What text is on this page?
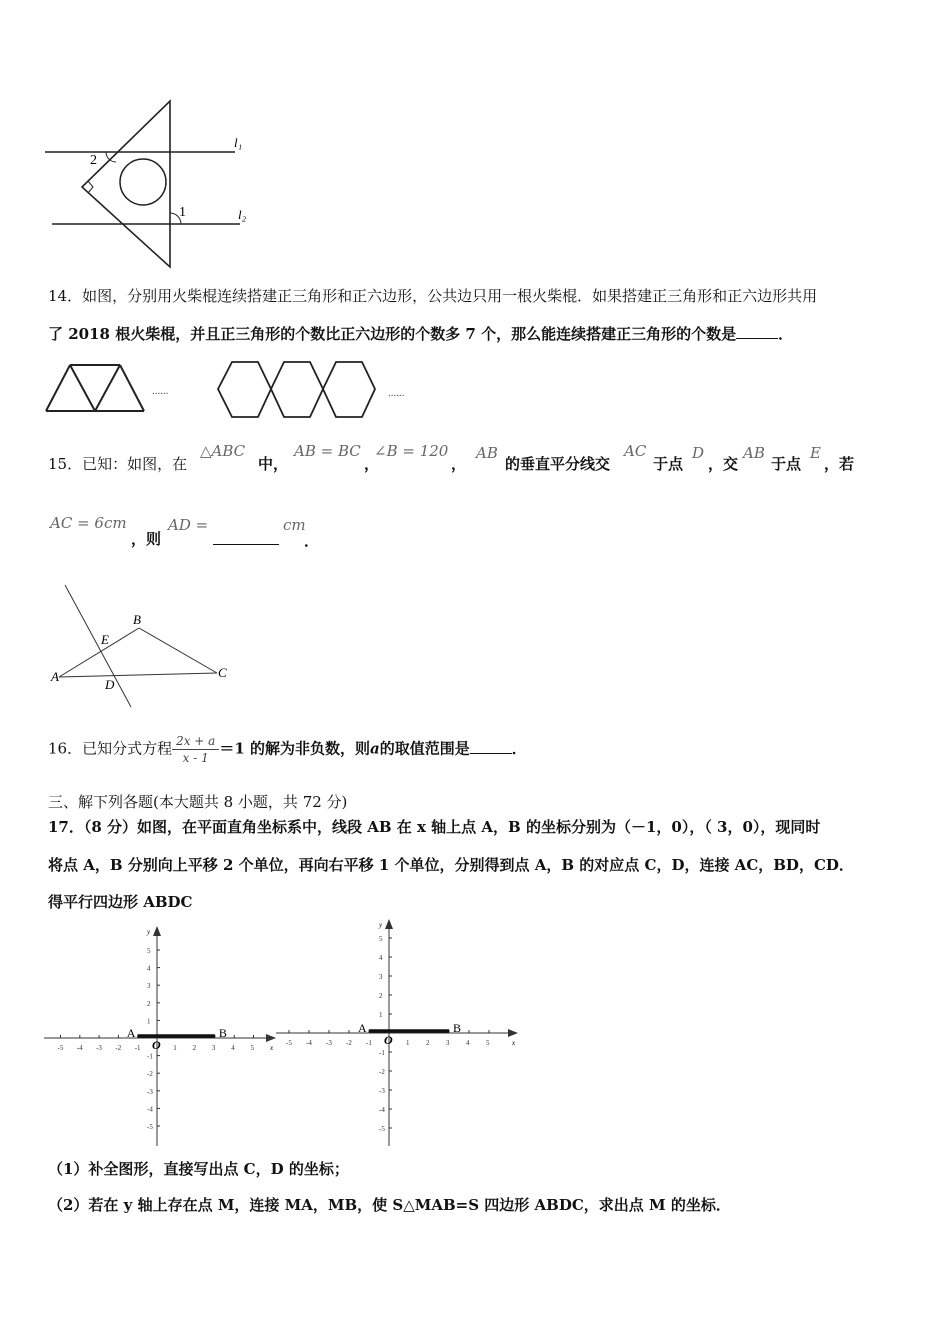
2
1
l₁
l₂
14．如图，分别用火柴棍连续搭建正三角形和正六边形，公共边只用一根火柴棍．如果搭建正三角形和正六边形共用
了 2018 根火柴棍，并且正三角形的个数比正六边形的个数多 7 个，那么能连续搭建正三角形的个数是	．
......	......
15．已知：如图，在
△ABC
中，
AB = BC
，
∠B = 120
，
AB
的垂直平分线交
AC
于点
D
，交
AB
于点
E
，若
AC = 6cm
，则
AD =	cm
．
A
B
C
D
E
16．已知分式方程 $\frac{2x + a}{x - 1} =1$ 的解为非负数，则a的取值范围是	．
三、解下列各题(本大题共 8 小题，共 72 分)
17．（8 分）如图，在平面直角坐标系中，线段 AB 在 x 轴上点 A，B 的坐标分别为（－1，0），（ 3，0），现同时
将点 A，B 分别向上平移 2 个单位，再向右平移 1 个单位，分别得到点 A，B 的对应点 C，D，连接 AC，BD，CD．
得平行四边形 ABDC
-5 -4 -3 -2 -1	1 2 3 4 5
5
4
3
2
1
-1
-2
-3
-4
-5
x
y
O
A	B
-5 -4 -3 -2 -1	1 2 3 4 5
5
4
3
2
1
-1
-2
-3
-4
-5
x
y
O
A	B
（1）补全图形，直接写出点 C，D 的坐标；
（2）若在 y 轴上存在点 M，连接 MA，MB，使 S△MAB=S 四边形 ABDC，求出点 M 的坐标．
